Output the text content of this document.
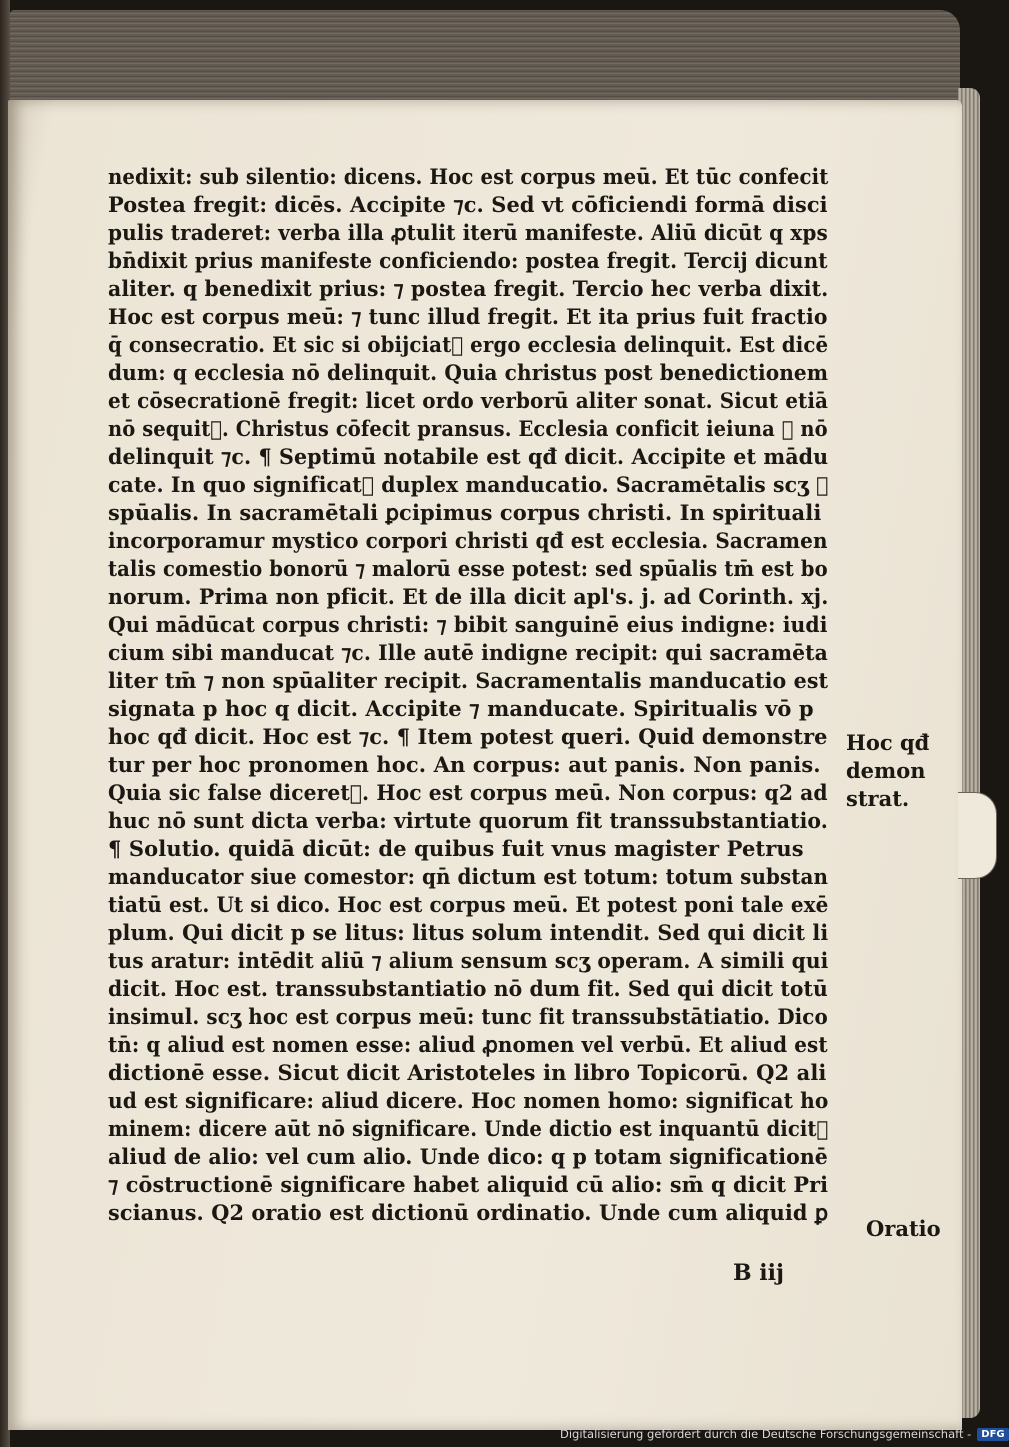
nedixit: sub silentio: dicens. Hoc est corpus meū. Et tūc confecit
Postea fregit: dicēs. Accipite ⁊c. Sed vt cōficiendi formā disci
pulis traderet: verba illa ꝓtulit iterū manifeste. Aliū dicūt q xps
bn̄dixit prius manifeste conficiendo: postea fregit. Tercij dicunt
aliter. q benedixit prius: ⁊ postea fregit. Tercio hec verba dixit.
Hoc est corpus meū: ⁊ tunc illud fregit. Et ita prius fuit fractio
q̄ consecratio. Et sic si obijciat᷑ ergo ecclesia delinquit. Est dicē
dum: q ecclesia nō delinquit. Quia christus post benedictionem
et cōsecrationē fregit: licet ordo verborū aliter sonat. Sicut etiā
nō sequit᷑. Christus cōfecit pransus. Ecclesia conficit ieiuna ⁊ nō
delinquit ⁊c. ¶ Septimū notabile est qđ dicit. Accipite et mādu
cate. In quo significat᷑ duplex manducatio. Sacramētalis scʒ ⁊
spūalis. In sacramētali ꝑcipimus corpus christi. In spirituali
incorporamur mystico corpori christi qđ est ecclesia. Sacramen
talis comestio bonorū ⁊ malorū esse potest: sed spūalis tm̄ est bo
norum. Prima non pficit. Et de illa dicit apl's. j. ad Corinth. xj.
Qui mādūcat corpus christi: ⁊ bibit sanguinē eius indigne: iudi
cium sibi manducat ⁊c. Ille autē indigne recipit: qui sacramēta
liter tm̄ ⁊ non spūaliter recipit. Sacramentalis manducatio est
signata p hoc q dicit. Accipite ⁊ manducate. Spiritualis vō p
hoc qđ dicit. Hoc est ⁊c. ¶ Item potest queri. Quid demonstre
tur per hoc pronomen hoc. An corpus: aut panis. Non panis.
Quia sic false diceret᷑. Hoc est corpus meū. Non corpus: q2 ad
huc nō sunt dicta verba: virtute quorum fit transsubstantiatio.
¶ Solutio. quidā dicūt: de quibus fuit vnus magister Petrus
manducator siue comestor: qn̄ dictum est totum: totum substan
tiatū est. Ut si dico. Hoc est corpus meū. Et potest poni tale exē
plum. Qui dicit p se litus: litus solum intendit. Sed qui dicit li
tus aratur: intēdit aliū ⁊ alium sensum scʒ operam. A simili qui
dicit. Hoc est. transsubstantiatio nō dum fit. Sed qui dicit totū
insimul. scʒ hoc est corpus meū: tunc fit transsubstātiatio. Dico
tn̄: q aliud est nomen esse: aliud ꝓnomen vel verbū. Et aliud est
dictionē esse. Sicut dicit Aristoteles in libro Topicorū. Q2 ali
ud est significare: aliud dicere. Hoc nomen homo: significat ho
minem: dicere aūt nō significare. Unde dictio est inquantū dicit᷑
aliud de alio: vel cum alio. Unde dico: q p totam significationē
⁊ cōstructionē significare habet aliquid cū alio: sm̄ q dicit Pri
scianus. Q2 oratio est dictionū ordinatio. Unde cum aliquid ꝑ
Hoc qđ
demon
strat.
Oratio
B iij
Digitalisierung gefördert durch die Deutsche Forschungsgemeinschaft -	DFG
